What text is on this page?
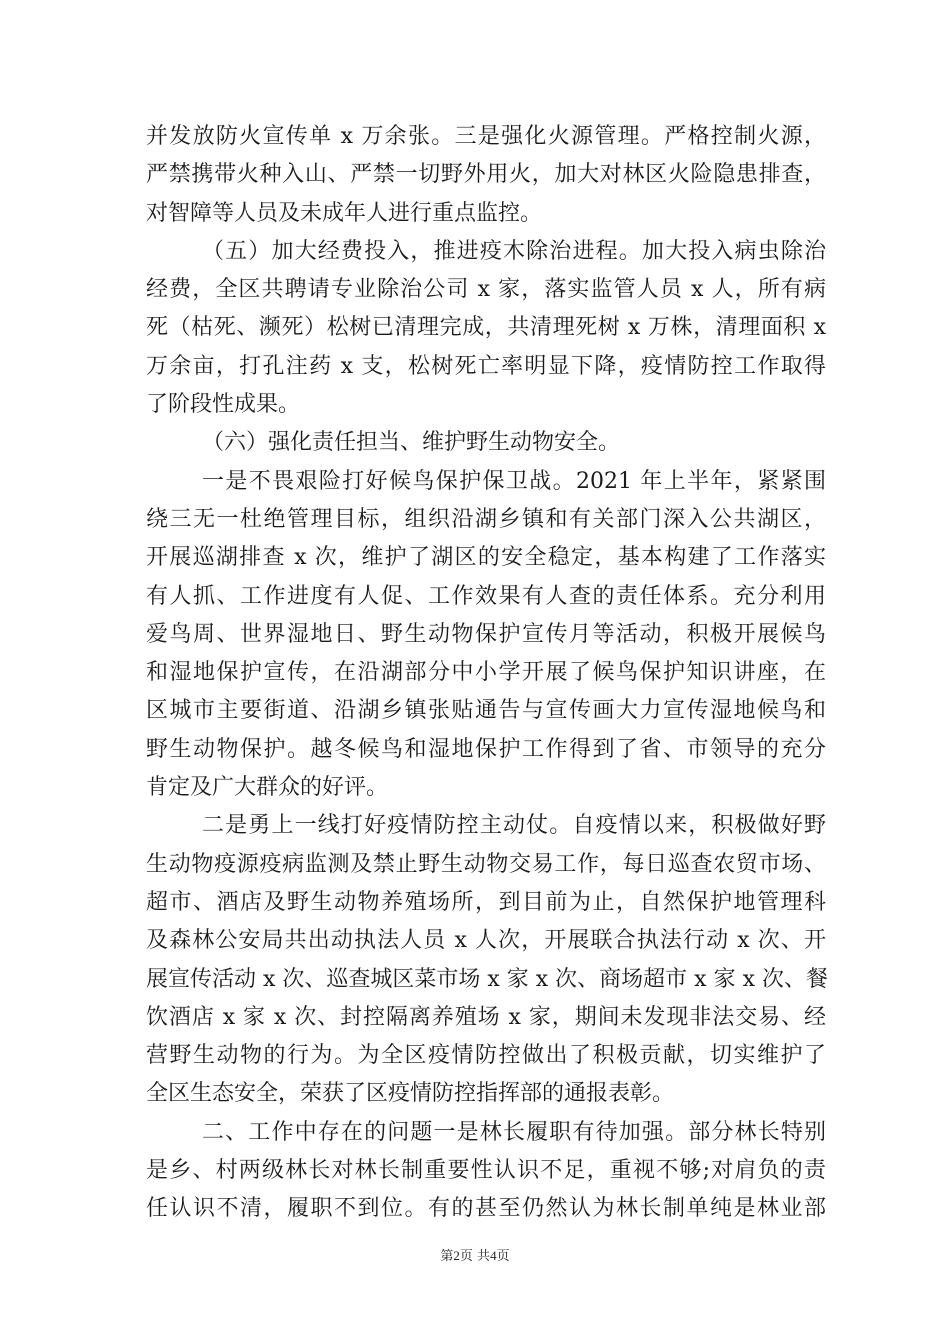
并发放防火宣传单 x 万余张。三是强化火源管理。严格控制火源，
严禁携带火种入山、严禁一切野外用火，加大对林区火险隐患排查，
对智障等人员及未成年人进行重点监控。
（五）加大经费投入，推进疫木除治进程。加大投入病虫除治
经费，全区共聘请专业除治公司 x 家，落实监管人员 x 人，所有病
死（枯死、濒死）松树已清理完成，共清理死树 x 万株，清理面积 x
万余亩，打孔注药 x 支，松树死亡率明显下降，疫情防控工作取得
了阶段性成果。
（六）强化责任担当、维护野生动物安全。
一是不畏艰险打好候鸟保护保卫战。2021 年上半年，紧紧围
绕三无一杜绝管理目标，组织沿湖乡镇和有关部门深入公共湖区，
开展巡湖排查 x 次，维护了湖区的安全稳定，基本构建了工作落实
有人抓、工作进度有人促、工作效果有人查的责任体系。充分利用
爱鸟周、世界湿地日、野生动物保护宣传月等活动，积极开展候鸟
和湿地保护宣传，在沿湖部分中小学开展了候鸟保护知识讲座，在
区城市主要街道、沿湖乡镇张贴通告与宣传画大力宣传湿地候鸟和
野生动物保护。越冬候鸟和湿地保护工作得到了省、市领导的充分
肯定及广大群众的好评。
二是勇上一线打好疫情防控主动仗。自疫情以来，积极做好野
生动物疫源疫病监测及禁止野生动物交易工作，每日巡查农贸市场、
超市、酒店及野生动物养殖场所，到目前为止，自然保护地管理科
及森林公安局共出动执法人员 x 人次，开展联合执法行动 x 次、开
展宣传活动 x 次、巡查城区菜市场 x 家 x 次、商场超市 x 家 x 次、餐
饮酒店 x 家 x 次、封控隔离养殖场 x 家，期间未发现非法交易、经
营野生动物的行为。为全区疫情防控做出了积极贡献，切实维护了
全区生态安全，荣获了区疫情防控指挥部的通报表彰。
二、工作中存在的问题一是林长履职有待加强。部分林长特别
是乡、村两级林长对林长制重要性认识不足，重视不够;对肩负的责
任认识不清，履职不到位。有的甚至仍然认为林长制单纯是林业部
第2页 共4页
